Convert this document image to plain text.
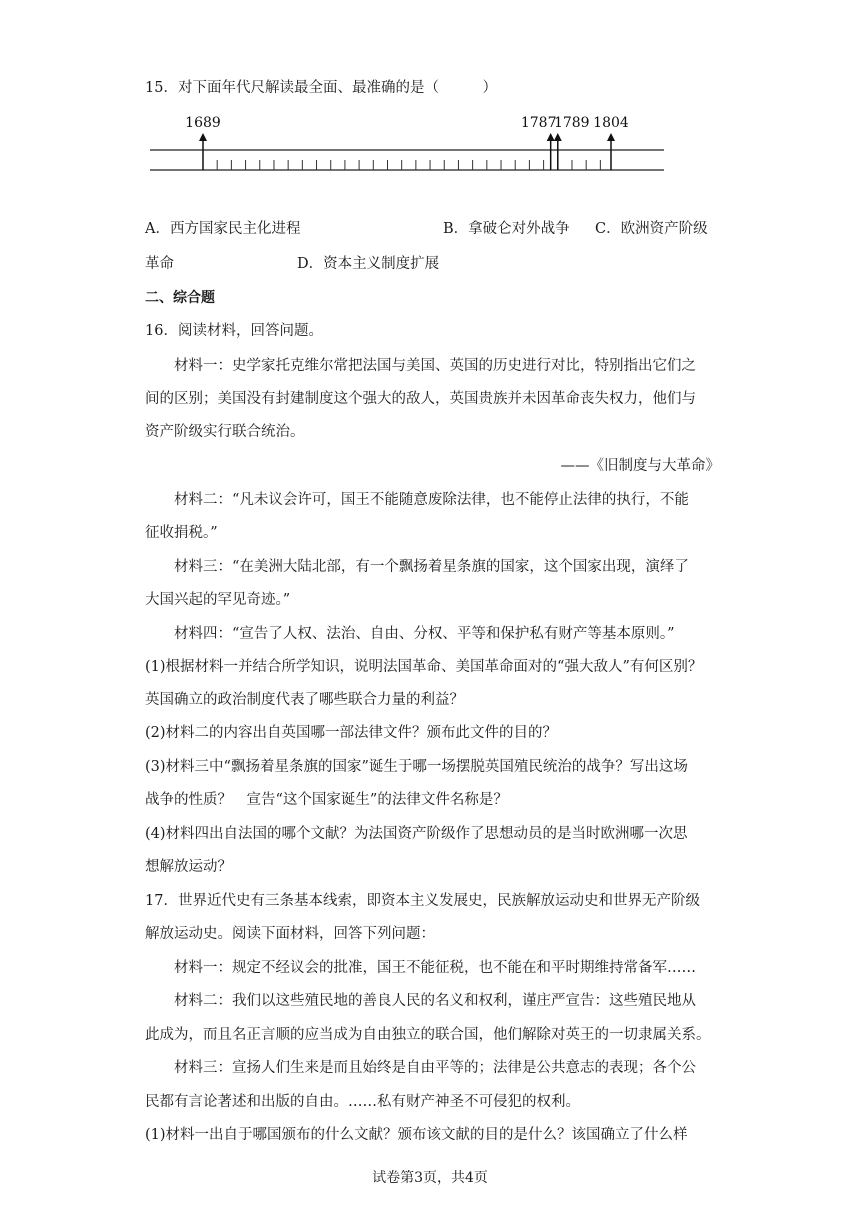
15．对下面年代尺解读最全面、最准确的是（　　　）
1689	1787
1789 1804
A．西方国家民主化进程	B．拿破仑对外战争 C．欧洲资产阶级
革命	D．资本主义制度扩展
二、综合题
16．阅读材料，回答问题。
材料一：史学家托克维尔常把法国与美国、英国的历史进行对比，特别指出它们之
间的区别；美国没有封建制度这个强大的敌人，英国贵族并未因革命丧失权力，他们与
资产阶级实行联合统治。
——《旧制度与大革命》
材料二：“凡未议会许可，国王不能随意废除法律，也不能停止法律的执行，不能
征收捐税。”
材料三：“在美洲大陆北部，有一个飘扬着星条旗的国家，这个国家出现，演绎了
大国兴起的罕见奇迹。”
材料四：“宣告了人权、法治、自由、分权、平等和保护私有财产等基本原则。”
(1)根据材料一并结合所学知识，说明法国革命、美国革命面对的“强大敌人”有何区别？
英国确立的政治制度代表了哪些联合力量的利益？
(2)材料二的内容出自英国哪一部法律文件？颁布此文件的目的？
(3)材料三中“飘扬着星条旗的国家”诞生于哪一场摆脱英国殖民统治的战争？写出这场
战争的性质？　宣告“这个国家诞生”的法律文件名称是？
(4)材料四出自法国的哪个文献？为法国资产阶级作了思想动员的是当时欧洲哪一次思
想解放运动？
17．世界近代史有三条基本线索，即资本主义发展史，民族解放运动史和世界无产阶级
解放运动史。阅读下面材料，回答下列问题：
材料一：规定不经议会的批准，国王不能征税，也不能在和平时期维持常备军……
材料二：我们以这些殖民地的善良人民的名义和权利，谨庄严宣告：这些殖民地从
此成为，而且名正言顺的应当成为自由独立的联合国，他们解除对英王的一切隶属关系。
材料三：宣扬人们生来是而且始终是自由平等的；法律是公共意志的表现；各个公
民都有言论著述和出版的自由。……私有财产神圣不可侵犯的权利。
(1)材料一出自于哪国颁布的什么文献？颁布该文献的目的是什么？该国确立了什么样
试卷第3页，共4页
